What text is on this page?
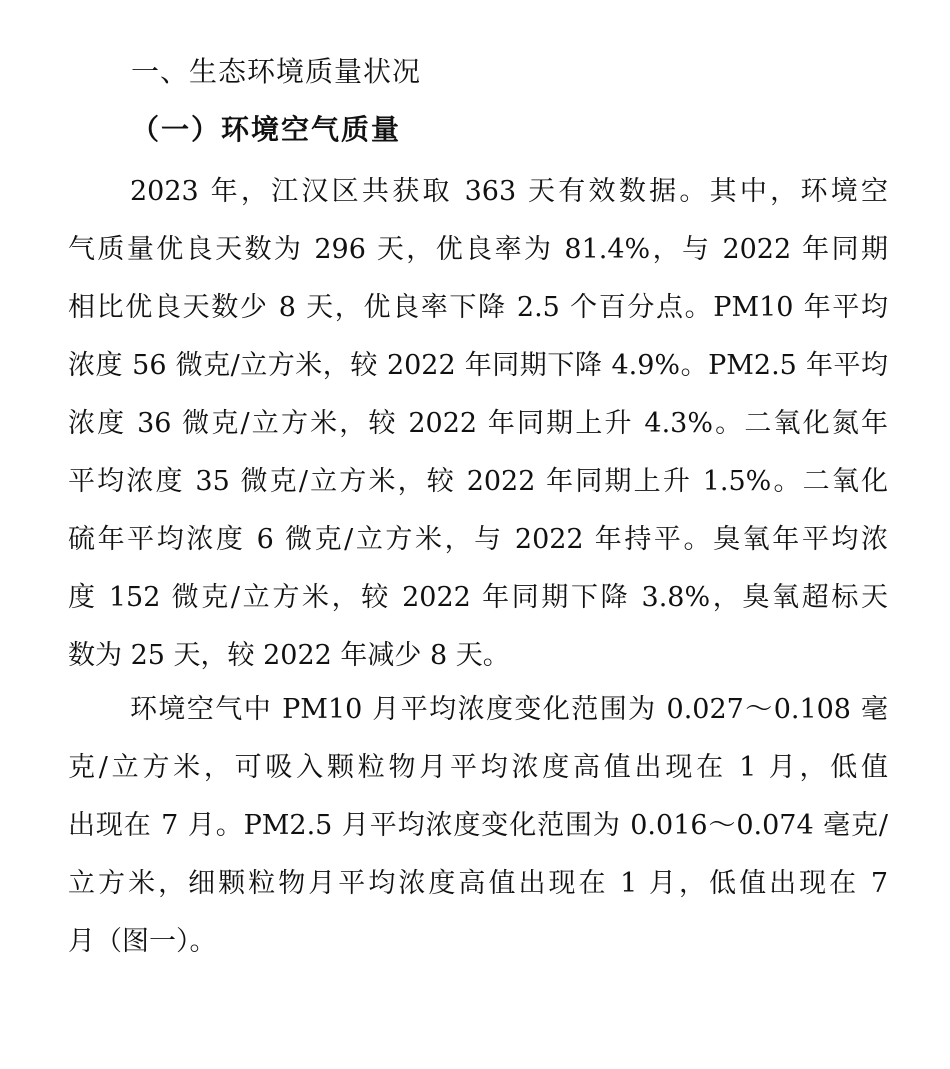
一、生态环境质量状况
（一）环境空气质量
2023 年，江汉区共获取 363 天有效数据。其中，环境空
气质量优良天数为 296 天，优良率为 81.4%，与 2022 年同期
相比优良天数少 8 天，优良率下降 2.5 个百分点。PM10 年平均
浓度 56 微克/立方米，较 2022 年同期下降 4.9%。PM2.5 年平均
浓度 36 微克/立方米，较 2022 年同期上升 4.3%。二氧化氮年
平均浓度 35 微克/立方米，较 2022 年同期上升 1.5%。二氧化
硫年平均浓度 6 微克/立方米，与 2022 年持平。臭氧年平均浓
度 152 微克/立方米，较 2022 年同期下降 3.8%，臭氧超标天
数为 25 天，较 2022 年减少 8 天。
环境空气中 PM10 月平均浓度变化范围为 0.027～0.108 毫
克/立方米，可吸入颗粒物月平均浓度高值出现在 1 月，低值
出现在 7 月。PM2.5 月平均浓度变化范围为 0.016～0.074 毫克/
立方米，细颗粒物月平均浓度高值出现在 1 月，低值出现在 7
月（图一）。
